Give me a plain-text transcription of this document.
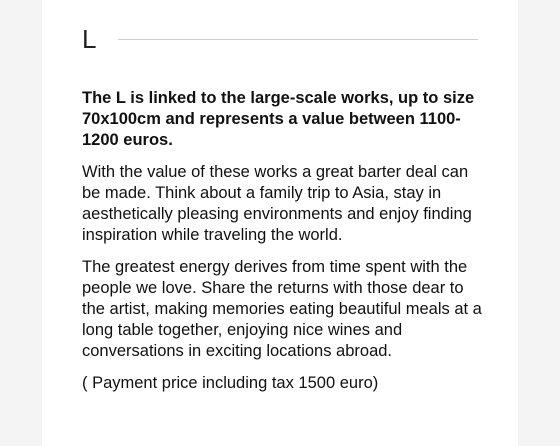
L

The L is linked to the large-scale works, up to size 70x100cm and represents a value between 1100-1200 euros.

With the value of these works a great barter deal can be made. Think about a family trip to Asia, stay in aesthetically pleasing environments and enjoy finding inspiration while traveling the world.

The greatest energy derives from time spent with the people we love. Share the returns with those dear to the artist, making memories eating beautiful meals at a long table together, enjoying nice wines and conversations in exciting locations abroad.

( Payment price including tax 1500 euro)
